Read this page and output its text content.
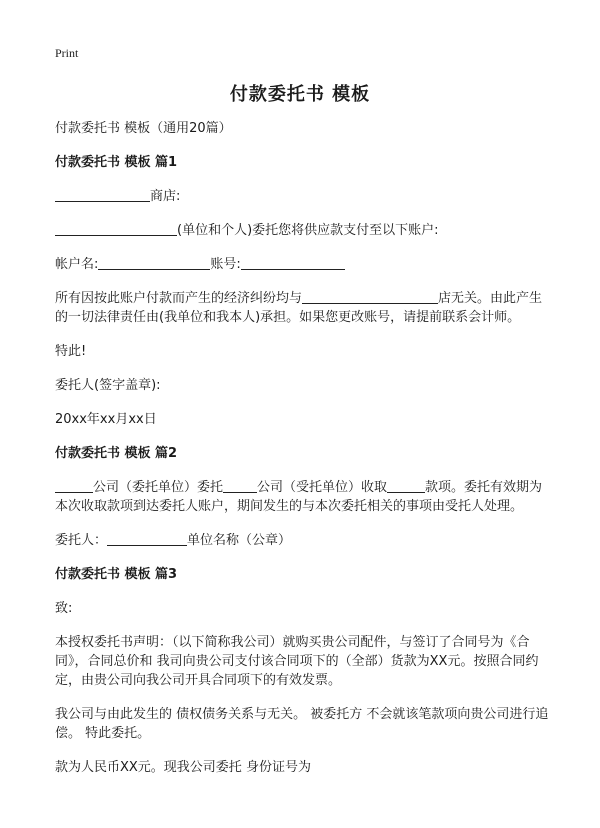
Print
付款委托书 模板
付款委托书 模板（通用20篇）
付款委托书 模板 篇1
商店:
(单位和个人)委托您将供应款支付至以下账户:
帐户名:	账号:
所有因按此账户付款而产生的经济纠纷均与	店无关。由此产生的一切法律责任由(我单位和我本人)承担。如果您更改账号，请提前联系会计师。
特此!
委托人(签字盖章):
20xx年xx月xx日
付款委托书 模板 篇2
公司（委托单位）委托	公司（受托单位）收取	款项。委托有效期为本次收取款项到达委托人账户，期间发生的与本次委托相关的事项由受托人处理。
委托人：	单位名称（公章）
付款委托书 模板 篇3
致:
本授权委托书声明：（以下简称我公司）就购买贵公司配件，与签订了合同号为《合同》，合同总价和 我司向贵公司支付该合同项下的（全部）货款为XX元。按照合同约定，由贵公司向我公司开具合同项下的有效发票。
我公司与由此发生的 债权债务关系与无关。 被委托方 不会就该笔款项向贵公司进行追偿。 特此委托。
款为人民币XX元。现我公司委托 身份证号为
